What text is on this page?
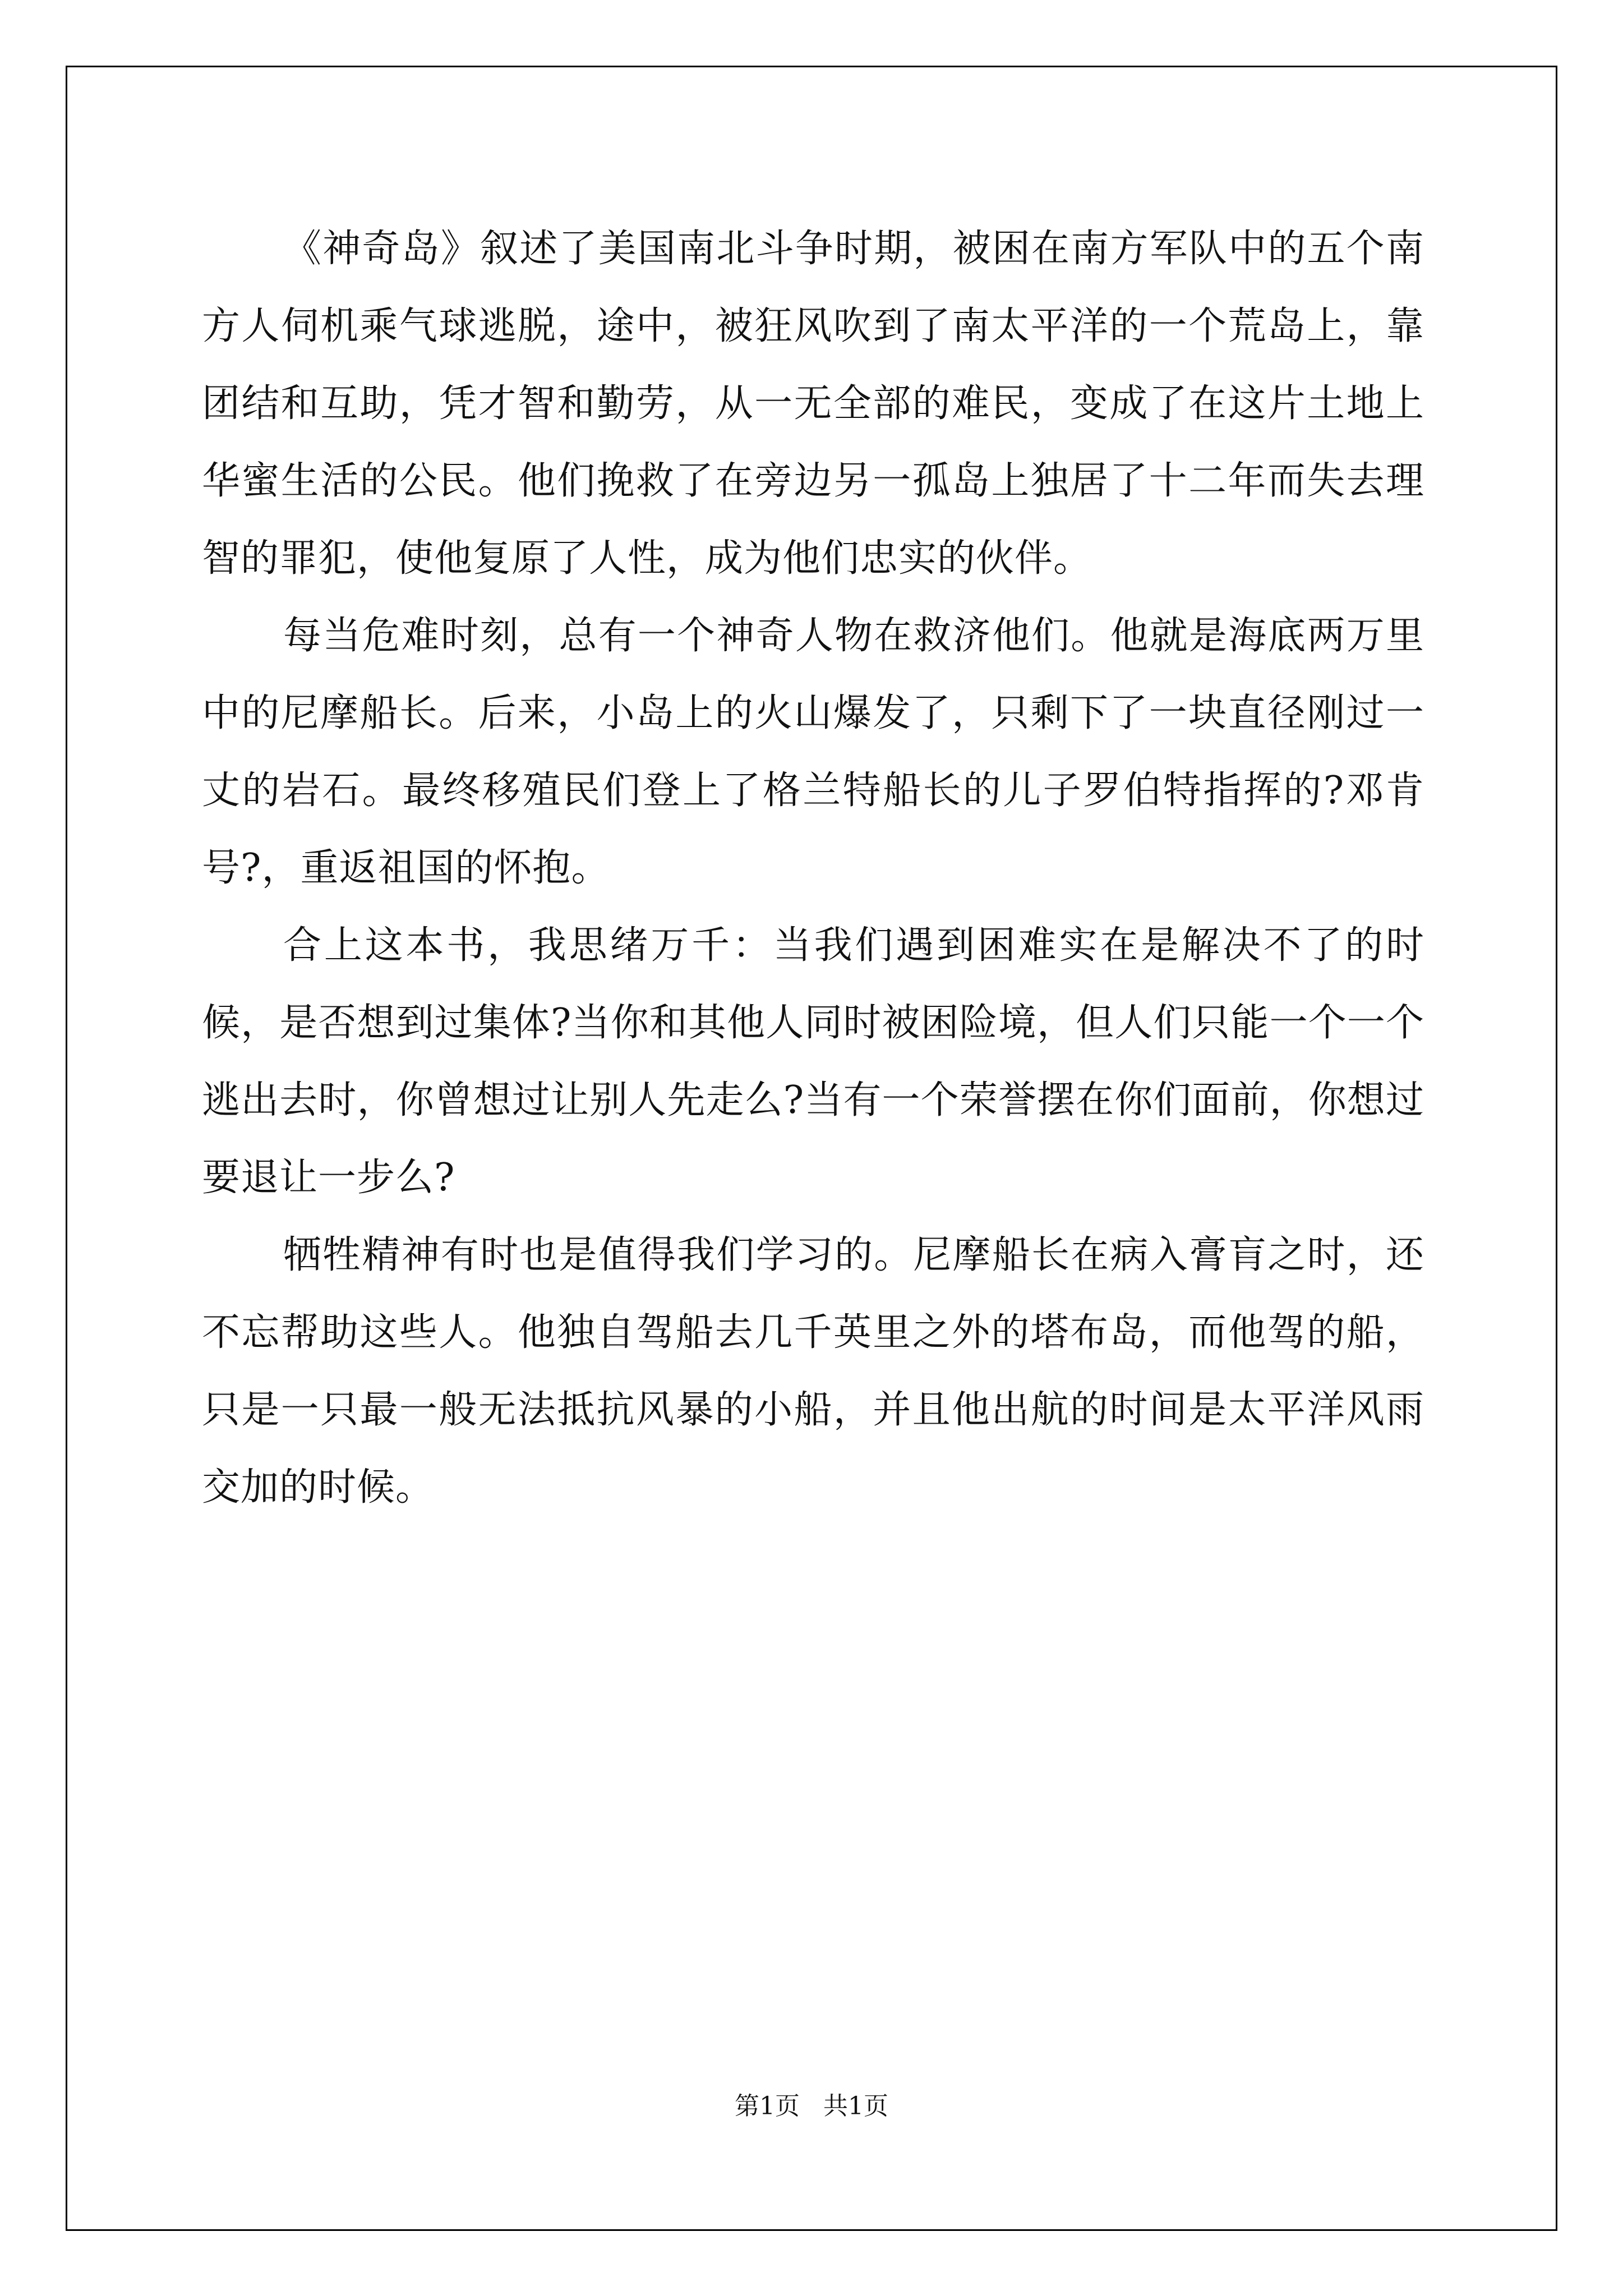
《神奇岛》叙述了美国南北斗争时期，被困在南方军队中的五个南方人伺机乘气球逃脱，途中，被狂风吹到了南太平洋的一个荒岛上，靠团结和互助，凭才智和勤劳，从一无全部的难民，变成了在这片土地上华蜜生活的公民。他们挽救了在旁边另一孤岛上独居了十二年而失去理智的罪犯，使他复原了人性，成为他们忠实的伙伴。

每当危难时刻，总有一个神奇人物在救济他们。他就是海底两万里中的尼摩船长。后来，小岛上的火山爆发了，只剩下了一块直径刚过一丈的岩石。最终移殖民们登上了格兰特船长的儿子罗伯特指挥的?邓肯号?，重返祖国的怀抱。

合上这本书，我思绪万千：当我们遇到困难实在是解决不了的时候，是否想到过集体?当你和其他人同时被困险境，但人们只能一个一个逃出去时，你曾想过让别人先走么?当有一个荣誉摆在你们面前，你想过要退让一步么?

牺牲精神有时也是值得我们学习的。尼摩船长在病入膏肓之时，还不忘帮助这些人。他独自驾船去几千英里之外的塔布岛，而他驾的船，只是一只最一般无法抵抗风暴的小船，并且他出航的时间是太平洋风雨交加的时候。

第1页 共1页
